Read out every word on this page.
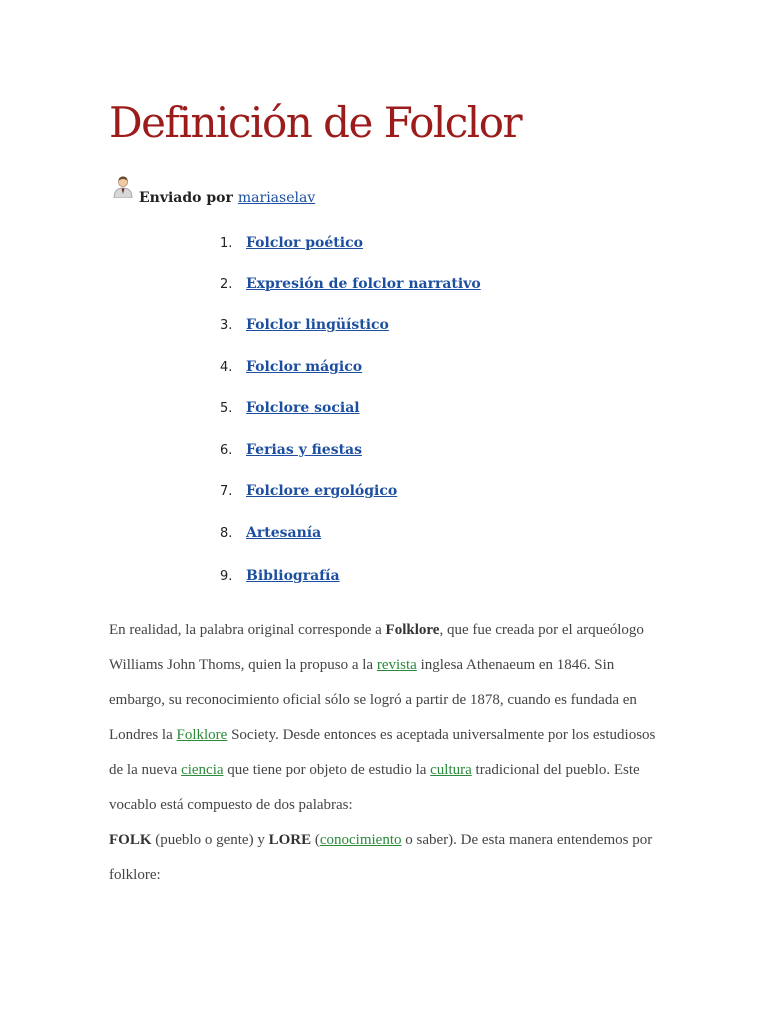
Definición de Folclor
Enviado por mariaselav
1. Folclor poético
2. Expresión de folclor narrativo
3. Folclor lingüístico
4. Folclor mágico
5. Folclore social
6. Ferias y fiestas
7. Folclore ergológico
8. Artesanía
9. Bibliografía

En realidad, la palabra original corresponde a Folklore, que fue creada por el arqueólogo Williams John Thoms, quien la propuso a la revista inglesa Athenaeum en 1846. Sin embargo, su reconocimiento oficial sólo se logró a partir de 1878, cuando es fundada en Londres la Folklore Society. Desde entonces es aceptada universalmente por los estudiosos de la nueva ciencia que tiene por objeto de estudio la cultura tradicional del pueblo. Este vocablo está compuesto de dos palabras:

FOLK (pueblo o gente) y LORE (conocimiento o saber). De esta manera entendemos por folklore:
